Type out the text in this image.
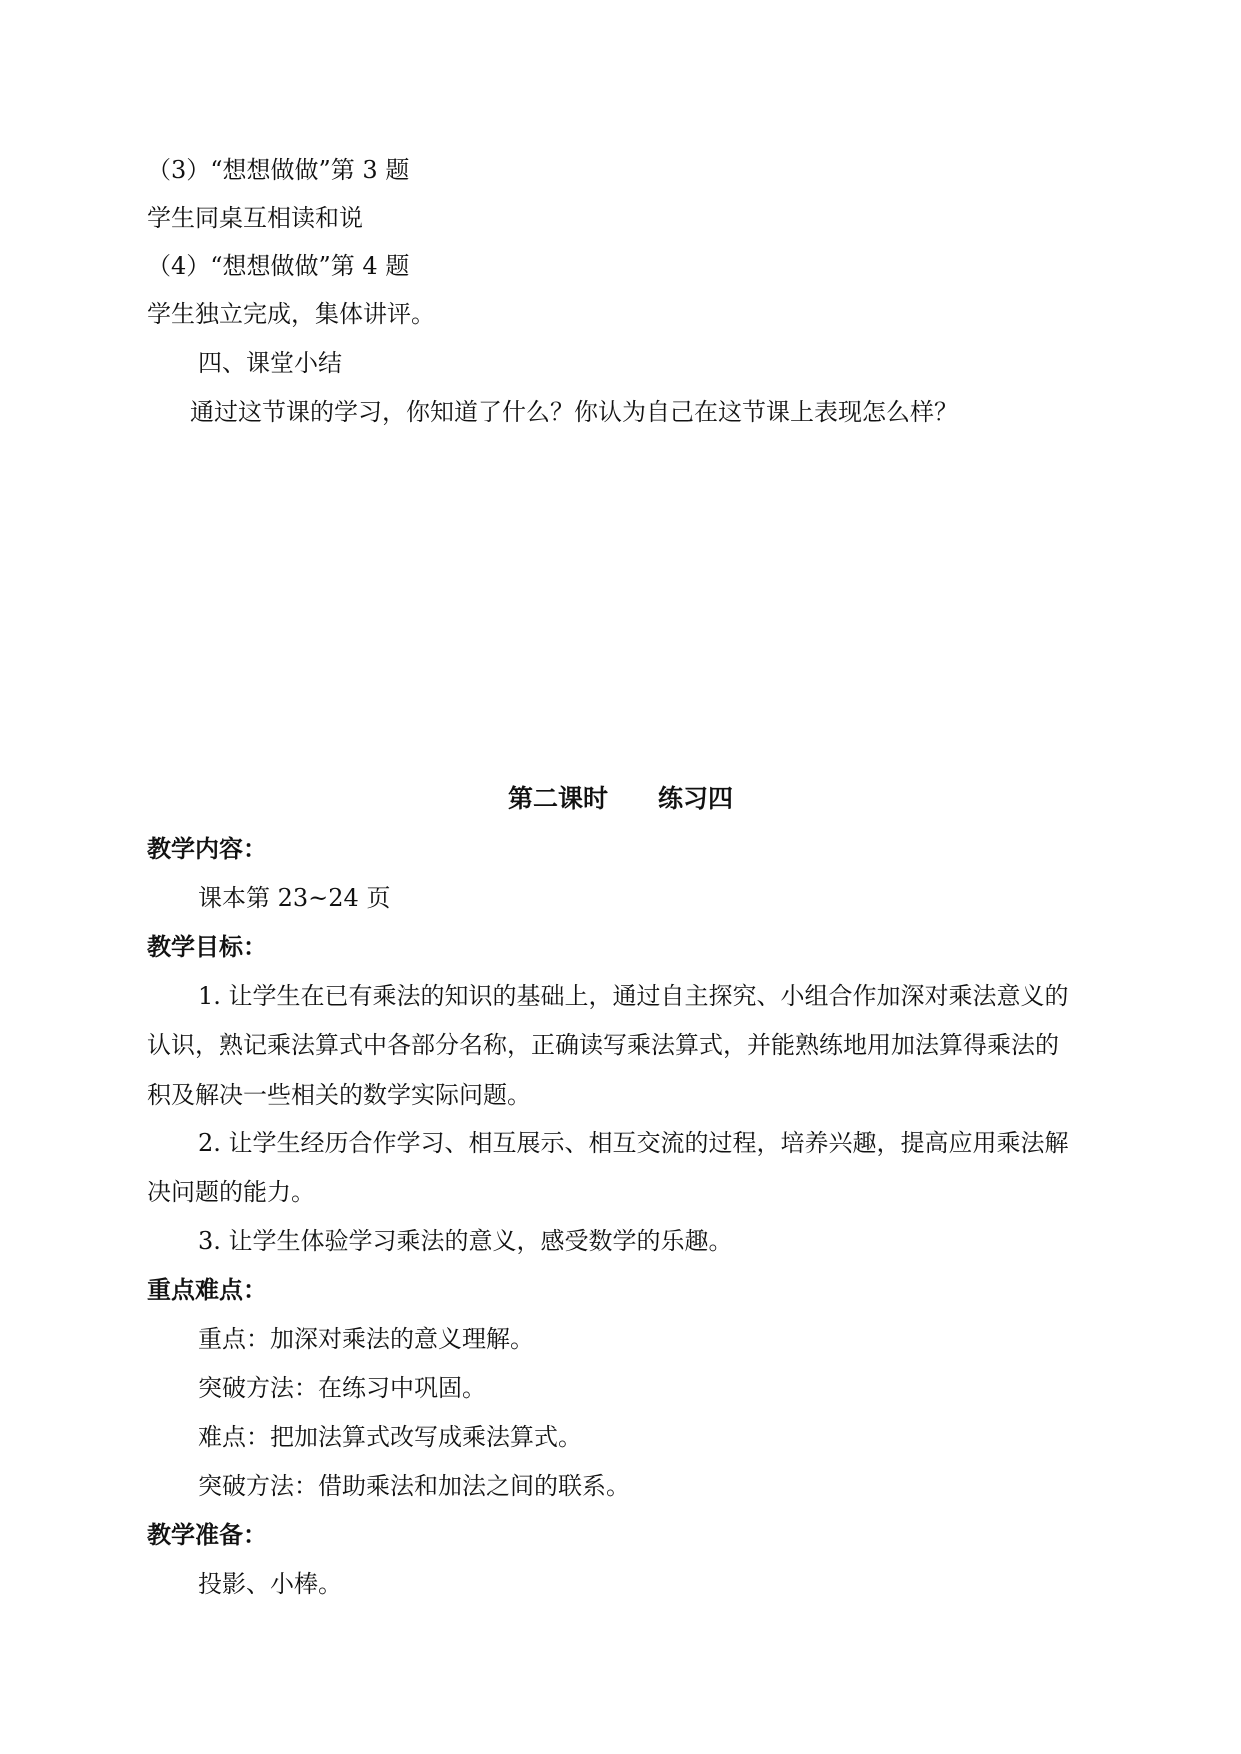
（3）“想想做做”第 3 题
学生同桌互相读和说
（4）“想想做做”第 4 题
学生独立完成，集体讲评。
四、课堂小结
通过这节课的学习，你知道了什么？你认为自己在这节课上表现怎么样？
第二课时　　练习四
教学内容：
课本第 23~24 页
教学目标：
1. 让学生在已有乘法的知识的基础上，通过自主探究、小组合作加深对乘法意义的
认识，熟记乘法算式中各部分名称，正确读写乘法算式，并能熟练地用加法算得乘法的
积及解决一些相关的数学实际问题。
2. 让学生经历合作学习、相互展示、相互交流的过程，培养兴趣，提高应用乘法解
决问题的能力。
3. 让学生体验学习乘法的意义，感受数学的乐趣。
重点难点：
重点：加深对乘法的意义理解。
突破方法：在练习中巩固。
难点：把加法算式改写成乘法算式。
突破方法：借助乘法和加法之间的联系。
教学准备：
投影、小棒。
